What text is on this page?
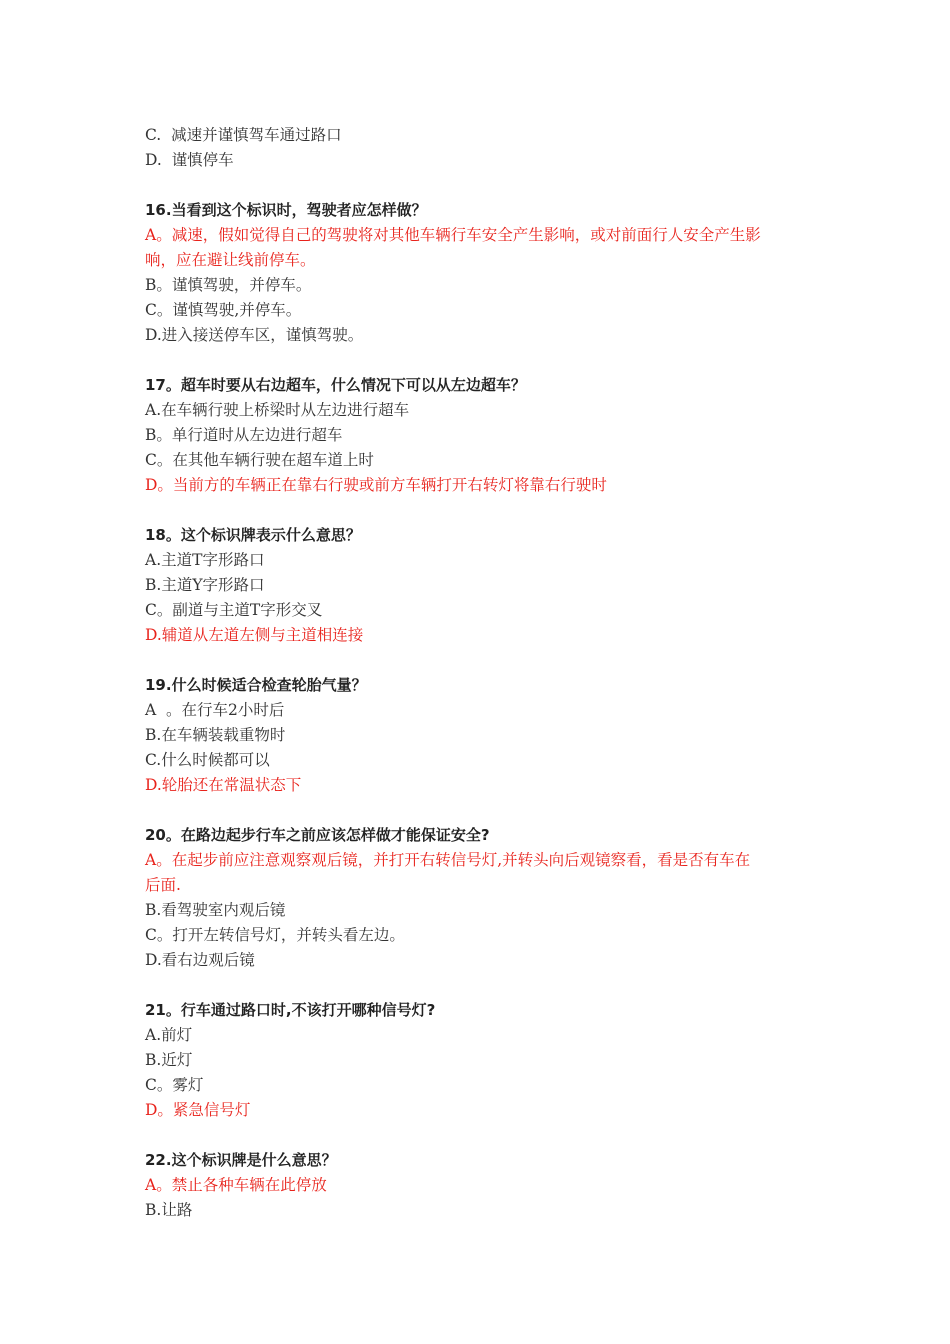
C.  减速并谨慎驾车通过路口

D.  谨慎停车

16.当看到这个标识时，驾驶者应怎样做？

A。减速，假如觉得自己的驾驶将对其他车辆行车安全产生影响，或对前面行人安全产生影

响，应在避让线前停车。

B。谨慎驾驶，并停车。

C。谨慎驾驶,并停车。

D.进入接送停车区，谨慎驾驶。

17。超车时要从右边超车，什么情况下可以从左边超车？

A.在车辆行驶上桥梁时从左边进行超车

B。单行道时从左边进行超车

C。在其他车辆行驶在超车道上时

D。当前方的车辆正在靠右行驶或前方车辆打开右转灯将靠右行驶时

18。这个标识牌表示什么意思？

A.主道T字形路口

B.主道Y字形路口

C。副道与主道T字形交叉

D.辅道从左道左侧与主道相连接

19.什么时候适合检查轮胎气量？

A  。在行车2小时后

B.在车辆装载重物时

C.什么时候都可以

D.轮胎还在常温状态下

20。在路边起步行车之前应该怎样做才能保证安全?

A。在起步前应注意观察观后镜，并打开右转信号灯,并转头向后观镜察看，看是否有车在

后面.

B.看驾驶室内观后镜

C。打开左转信号灯，并转头看左边。

D.看右边观后镜

21。行车通过路口时,不该打开哪种信号灯?

A.前灯

B.近灯

C。雾灯

D。紧急信号灯

22.这个标识牌是什么意思？

A。禁止各种车辆在此停放

B.让路
